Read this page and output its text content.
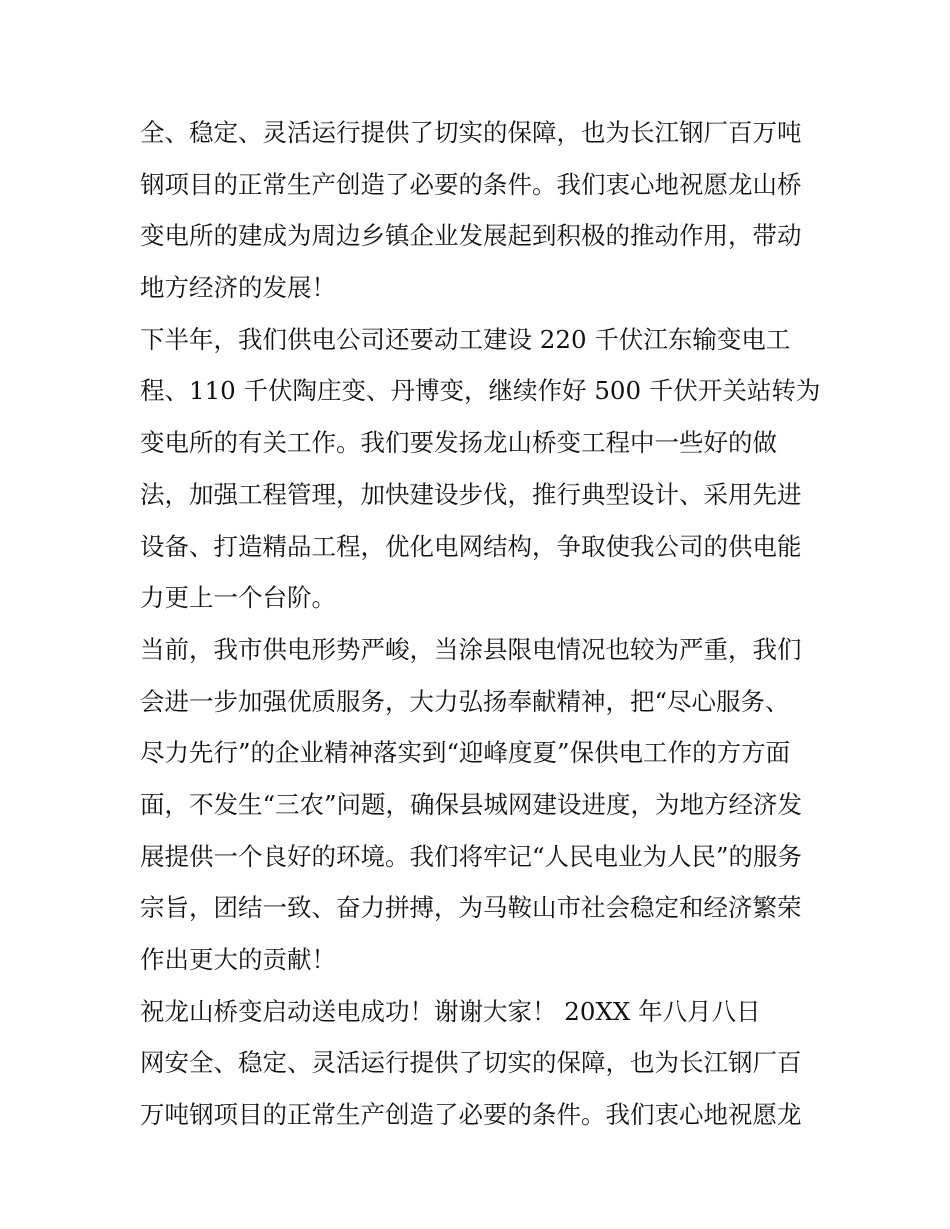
全、稳定、灵活运行提供了切实的保障，也为长江钢厂百万吨
钢项目的正常生产创造了必要的条件。我们衷心地祝愿龙山桥
变电所的建成为周边乡镇企业发展起到积极的推动作用，带动
地方经济的发展！
下半年，我们供电公司还要动工建设 220 千伏江东输变电工
程、110 千伏陶庄变、丹博变，继续作好 500 千伏开关站转为
变电所的有关工作。我们要发扬龙山桥变工程中一些好的做
法，加强工程管理，加快建设步伐，推行典型设计、采用先进
设备、打造精品工程，优化电网结构，争取使我公司的供电能
力更上一个台阶。
当前，我市供电形势严峻，当涂县限电情况也较为严重，我们
会进一步加强优质服务，大力弘扬奉献精神，把“尽心服务、
尽力先行”的企业精神落实到“迎峰度夏”保供电工作的方方面
面，不发生“三农”问题，确保县城网建设进度，为地方经济发
展提供一个良好的环境。我们将牢记“人民电业为人民”的服务
宗旨，团结一致、奋力拼搏，为马鞍山市社会稳定和经济繁荣
作出更大的贡献！
祝龙山桥变启动送电成功！谢谢大家！ 20XX 年八月八日
网安全、稳定、灵活运行提供了切实的保障，也为长江钢厂百
万吨钢项目的正常生产创造了必要的条件。我们衷心地祝愿龙
